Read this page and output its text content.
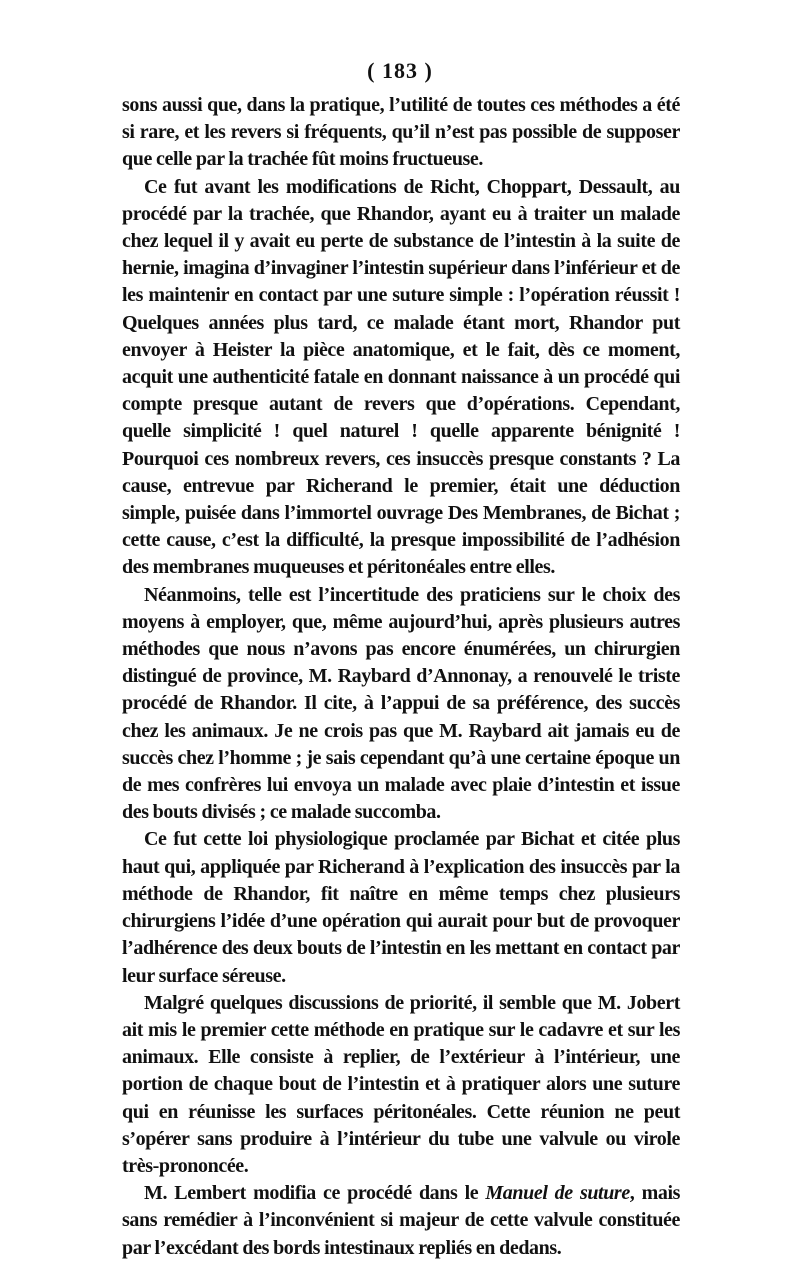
( 183 )

sons aussi que, dans la pratique, l’utilité de toutes ces méthodes a été si rare, et les revers si fréquents, qu’il n’est pas possible de supposer que celle par la trachée fût moins fructueuse.

Ce fut avant les modifications de Richt, Choppart, Dessault, au procédé par la trachée, que Rhandor, ayant eu à traiter un malade chez lequel il y avait eu perte de substance de l’intestin à la suite de hernie, imagina d’invaginer l’intestin supérieur dans l’inférieur et de les maintenir en contact par une suture simple : l’opération réussit ! Quelques années plus tard, ce malade étant mort, Rhandor put envoyer à Heister la pièce anatomique, et le fait, dès ce moment, acquit une authenticité fatale en donnant naissance à un procédé qui compte presque autant de revers que d’opérations. Cependant, quelle simplicité ! quel naturel ! quelle apparente bénignité ! Pourquoi ces nombreux revers, ces insuccès presque constants ? La cause, entrevue par Richerand le premier, était une déduction simple, puisée dans l’immortel ouvrage Des Membranes, de Bichat ; cette cause, c’est la difficulté, la presque impossibilité de l’adhésion des membranes muqueuses et péritonéales entre elles.

Néanmoins, telle est l’incertitude des praticiens sur le choix des moyens à employer, que, même aujourd’hui, après plusieurs autres méthodes que nous n’avons pas encore énumérées, un chirurgien distingué de province, M. Raybard d’Annonay, a renouvelé le triste procédé de Rhandor. Il cite, à l’appui de sa préférence, des succès chez les animaux. Je ne crois pas que M. Raybard ait jamais eu de succès chez l’homme ; je sais cependant qu’à une certaine époque un de mes confrères lui envoya un malade avec plaie d’intestin et issue des bouts divisés ; ce malade succomba.

Ce fut cette loi physiologique proclamée par Bichat et citée plus haut qui, appliquée par Richerand à l’explication des insuccès par la méthode de Rhandor, fit naître en même temps chez plusieurs chirurgiens l’idée d’une opération qui aurait pour but de provoquer l’adhérence des deux bouts de l’intestin en les mettant en contact par leur surface séreuse.

Malgré quelques discussions de priorité, il semble que M. Jobert ait mis le premier cette méthode en pratique sur le cadavre et sur les animaux. Elle consiste à replier, de l’extérieur à l’intérieur, une portion de chaque bout de l’intestin et à pratiquer alors une suture qui en réunisse les surfaces péritonéales. Cette réunion ne peut s’opérer sans produire à l’intérieur du tube une valvule ou virole très-prononcée.

M. Lembert modifia ce procédé dans le Manuel de suture, mais sans remédier à l’inconvénient si majeur de cette valvule constituée par l’excédant des bords intestinaux repliés en dedans.
